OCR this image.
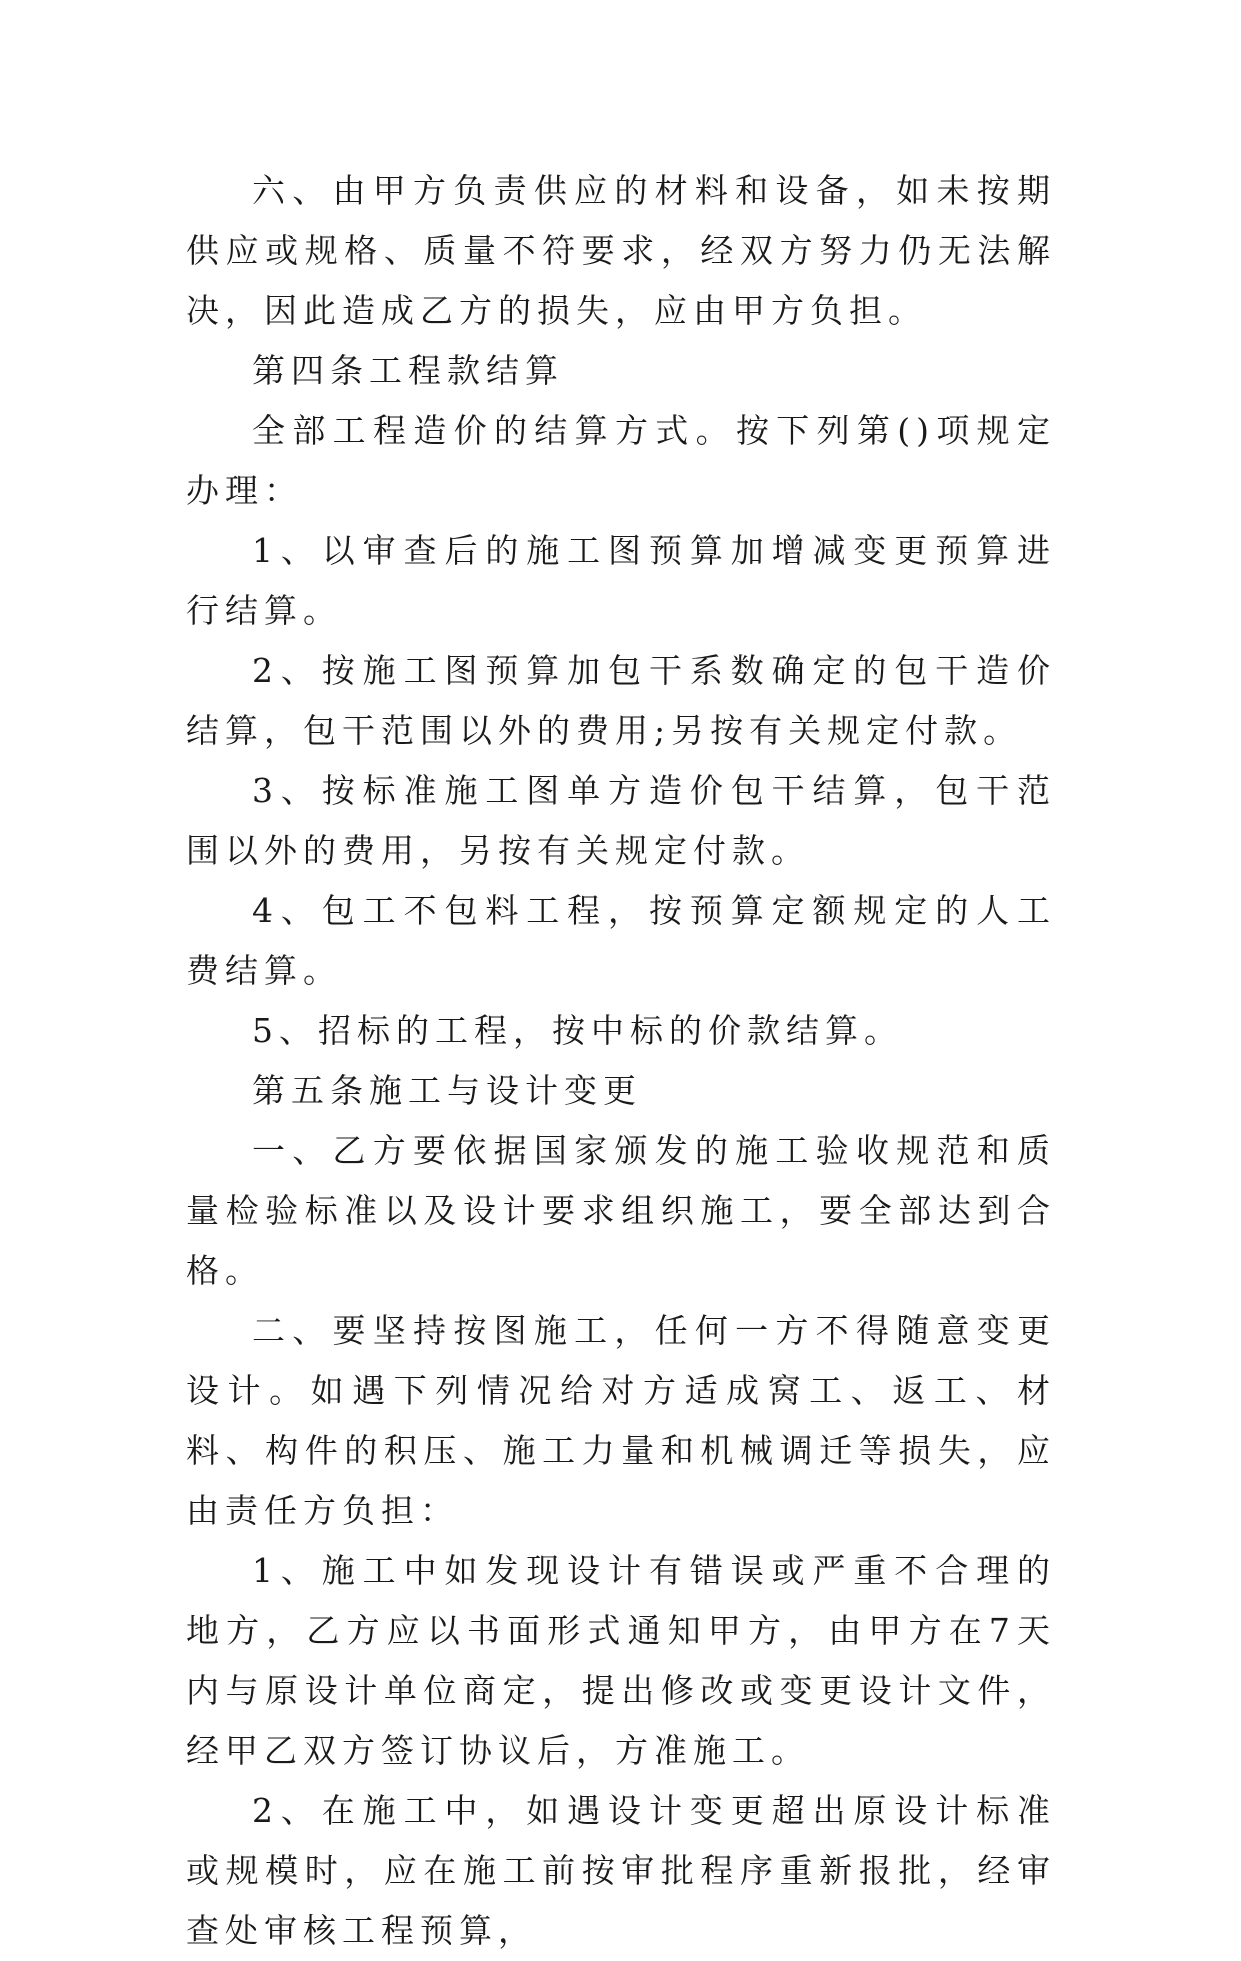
六、由甲方负责供应的材料和设备，如未按期供应或规格、质量不符要求，经双方努力仍无法解决，因此造成乙方的损失，应由甲方负担。

第四条工程款结算

全部工程造价的结算方式。按下列第()项规定办理：

1、以审查后的施工图预算加增减变更预算进行结算。

2、按施工图预算加包干系数确定的包干造价结算，包干范围以外的费用;另按有关规定付款。

3、按标准施工图单方造价包干结算，包干范围以外的费用，另按有关规定付款。

4、包工不包料工程，按预算定额规定的人工费结算。

5、招标的工程，按中标的价款结算。

第五条施工与设计变更

一、乙方要依据国家颁发的施工验收规范和质量检验标准以及设计要求组织施工，要全部达到合格。

二、要坚持按图施工，任何一方不得随意变更设计。如遇下列情况给对方适成窝工、返工、材料、构件的积压、施工力量和机械调迁等损失，应由责任方负担：

1、施工中如发现设计有错误或严重不合理的地方，乙方应以书面形式通知甲方，由甲方在7天内与原设计单位商定，提出修改或变更设计文件，经甲乙双方签订协议后，方准施工。

2、在施工中，如遇设计变更超出原设计标准或规模时，应在施工前按审批程序重新报批，经审查处审核工程预算，
